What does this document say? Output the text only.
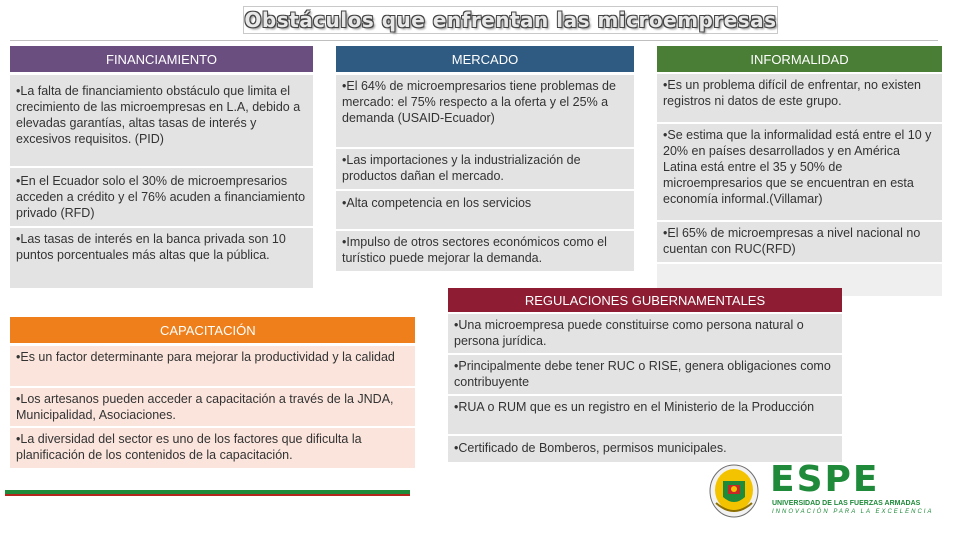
Obstáculos que enfrentan las microempresas
FINANCIAMIENTO
•La falta de financiamiento obstáculo que limita el crecimiento de las microempresas en L.A, debido a elevadas garantías, altas tasas de interés y excesivos requisitos. (PID)
•En el Ecuador solo el 30% de microempresarios acceden a crédito y el 76% acuden a financiamiento privado (RFD)
•Las tasas de interés en la banca privada son 10 puntos porcentuales más altas que la pública.
MERCADO
•El 64% de microempresarios tiene problemas de mercado: el 75% respecto a la oferta y el 25% a demanda (USAID-Ecuador)
•Las importaciones y la industrialización de productos dañan el mercado.
•Alta competencia en los servicios
•Impulso de otros sectores económicos como el turístico puede mejorar la demanda.
INFORMALIDAD
•Es un problema difícil de enfrentar, no existen registros ni datos de este grupo.
•Se estima que la informalidad está entre el 10 y 20% en países desarrollados y en América Latina está entre el 35 y 50% de microempresarios que se encuentran en esta economía informal.(Villamar)
•El 65% de microempresas a nivel nacional no cuentan con RUC(RFD)
REGULACIONES GUBERNAMENTALES
•Una microempresa puede constituirse como persona natural o persona jurídica.
•Principalmente debe tener RUC o RISE, genera obligaciones como contribuyente
•RUA o RUM que es un registro en el Ministerio de la Producción
•Certificado de Bomberos, permisos municipales.
CAPACITACIÓN
•Es un factor determinante para mejorar la productividad y la calidad
•Los artesanos pueden acceder a capacitación a través de la JNDA, Municipalidad, Asociaciones.
•La diversidad del sector es uno de los factores que dificulta la planificación de los contenidos de la capacitación.
ESPE
UNIVERSIDAD DE LAS FUERZAS ARMADAS
INNOVACIÓN PARA LA EXCELENCIA
